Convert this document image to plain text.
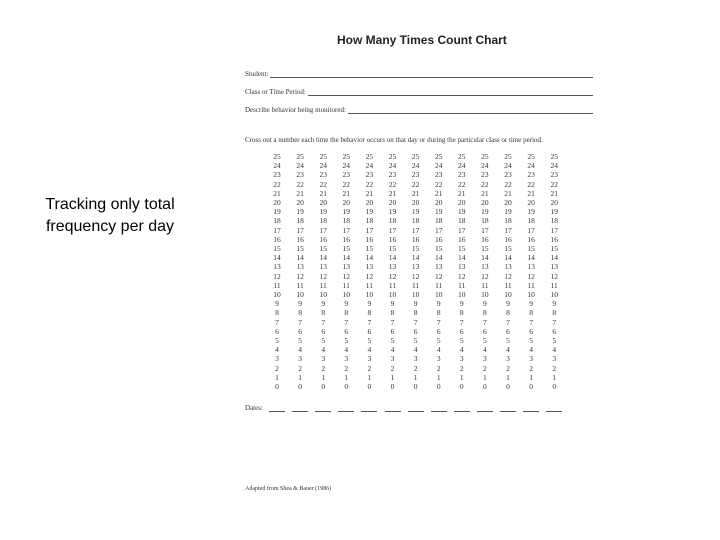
Tracking only total frequency per day
How Many Times Count Chart
Student:
Class or Time Period:
Describe behavior being monitored:
Cross out a number each time the behavior occurs on that day or during the particular class or time period.
25
24
23
22
21
20
19
18
17
16
15
14
13
12
11
10
9
8
7
6
5
4
3
2
1
0
25
24
23
22
21
20
19
18
17
16
15
14
13
12
11
10
9
8
7
6
5
4
3
2
1
0
25
24
23
22
21
20
19
18
17
16
15
14
13
12
11
10
9
8
7
6
5
4
3
2
1
0
25
24
23
22
21
20
19
18
17
16
15
14
13
12
11
10
9
8
7
6
5
4
3
2
1
0
25
24
23
22
21
20
19
18
17
16
15
14
13
12
11
10
9
8
7
6
5
4
3
2
1
0
25
24
23
22
21
20
19
18
17
16
15
14
13
12
11
10
9
8
7
6
5
4
3
2
1
0
25
24
23
22
21
20
19
18
17
16
15
14
13
12
11
10
9
8
7
6
5
4
3
2
1
0
25
24
23
22
21
20
19
18
17
16
15
14
13
12
11
10
9
8
7
6
5
4
3
2
1
0
25
24
23
22
21
20
19
18
17
16
15
14
13
12
11
10
9
8
7
6
5
4
3
2
1
0
25
24
23
22
21
20
19
18
17
16
15
14
13
12
11
10
9
8
7
6
5
4
3
2
1
0
25
24
23
22
21
20
19
18
17
16
15
14
13
12
11
10
9
8
7
6
5
4
3
2
1
0
25
24
23
22
21
20
19
18
17
16
15
14
13
12
11
10
9
8
7
6
5
4
3
2
1
0
25
24
23
22
21
20
19
18
17
16
15
14
13
12
11
10
9
8
7
6
5
4
3
2
1
0
Dates:
Adapted from Shea & Bauer (1986)
